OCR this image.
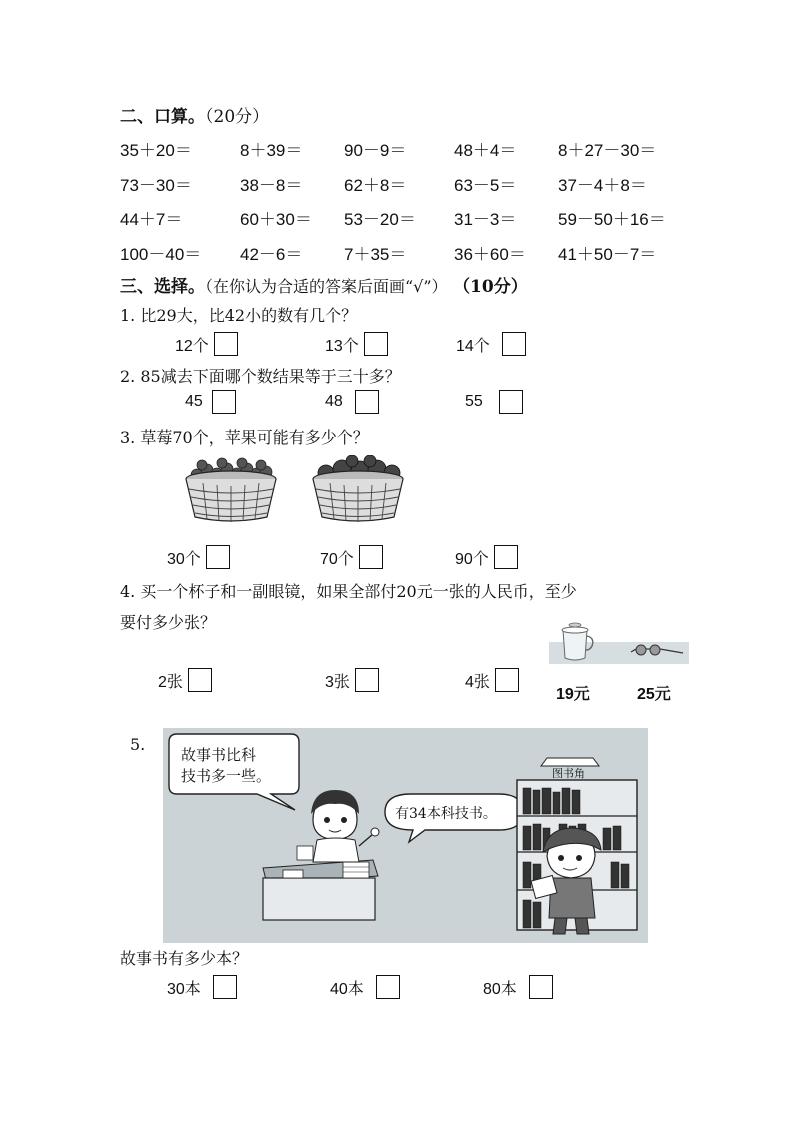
二、口算。（20分）
35＋20＝	8＋39＝ 90－9＝	48＋4＝ 8＋27－30＝
73－30＝	38－8＝ 62＋8＝	63－5＝ 37－4＋8＝
44＋7＝	60＋30＝ 53－20＝ 31－3＝ 59－50＋16＝
100－40＝ 42－6＝ 7＋35＝	36＋60＝ 41＋50－7＝
三、选择。（在你认为合适的答案后面画“√”） （10分）
1. 比29大，比42小的数有几个？
12个	13个	14个
2. 85减去下面哪个数结果等于三十多？
45	48	55
3. 草莓70个，苹果可能有多少个？
30个	70个	90个
4. 买一个杯子和一副眼镜，如果全部付20元一张的人民币，至少
要付多少张？
19元	25元
2张	3张	4张
5.
故事书比科
技书多一些。
有34本科技书。
图书角
故事书有多少本？
30本	40本	80本
